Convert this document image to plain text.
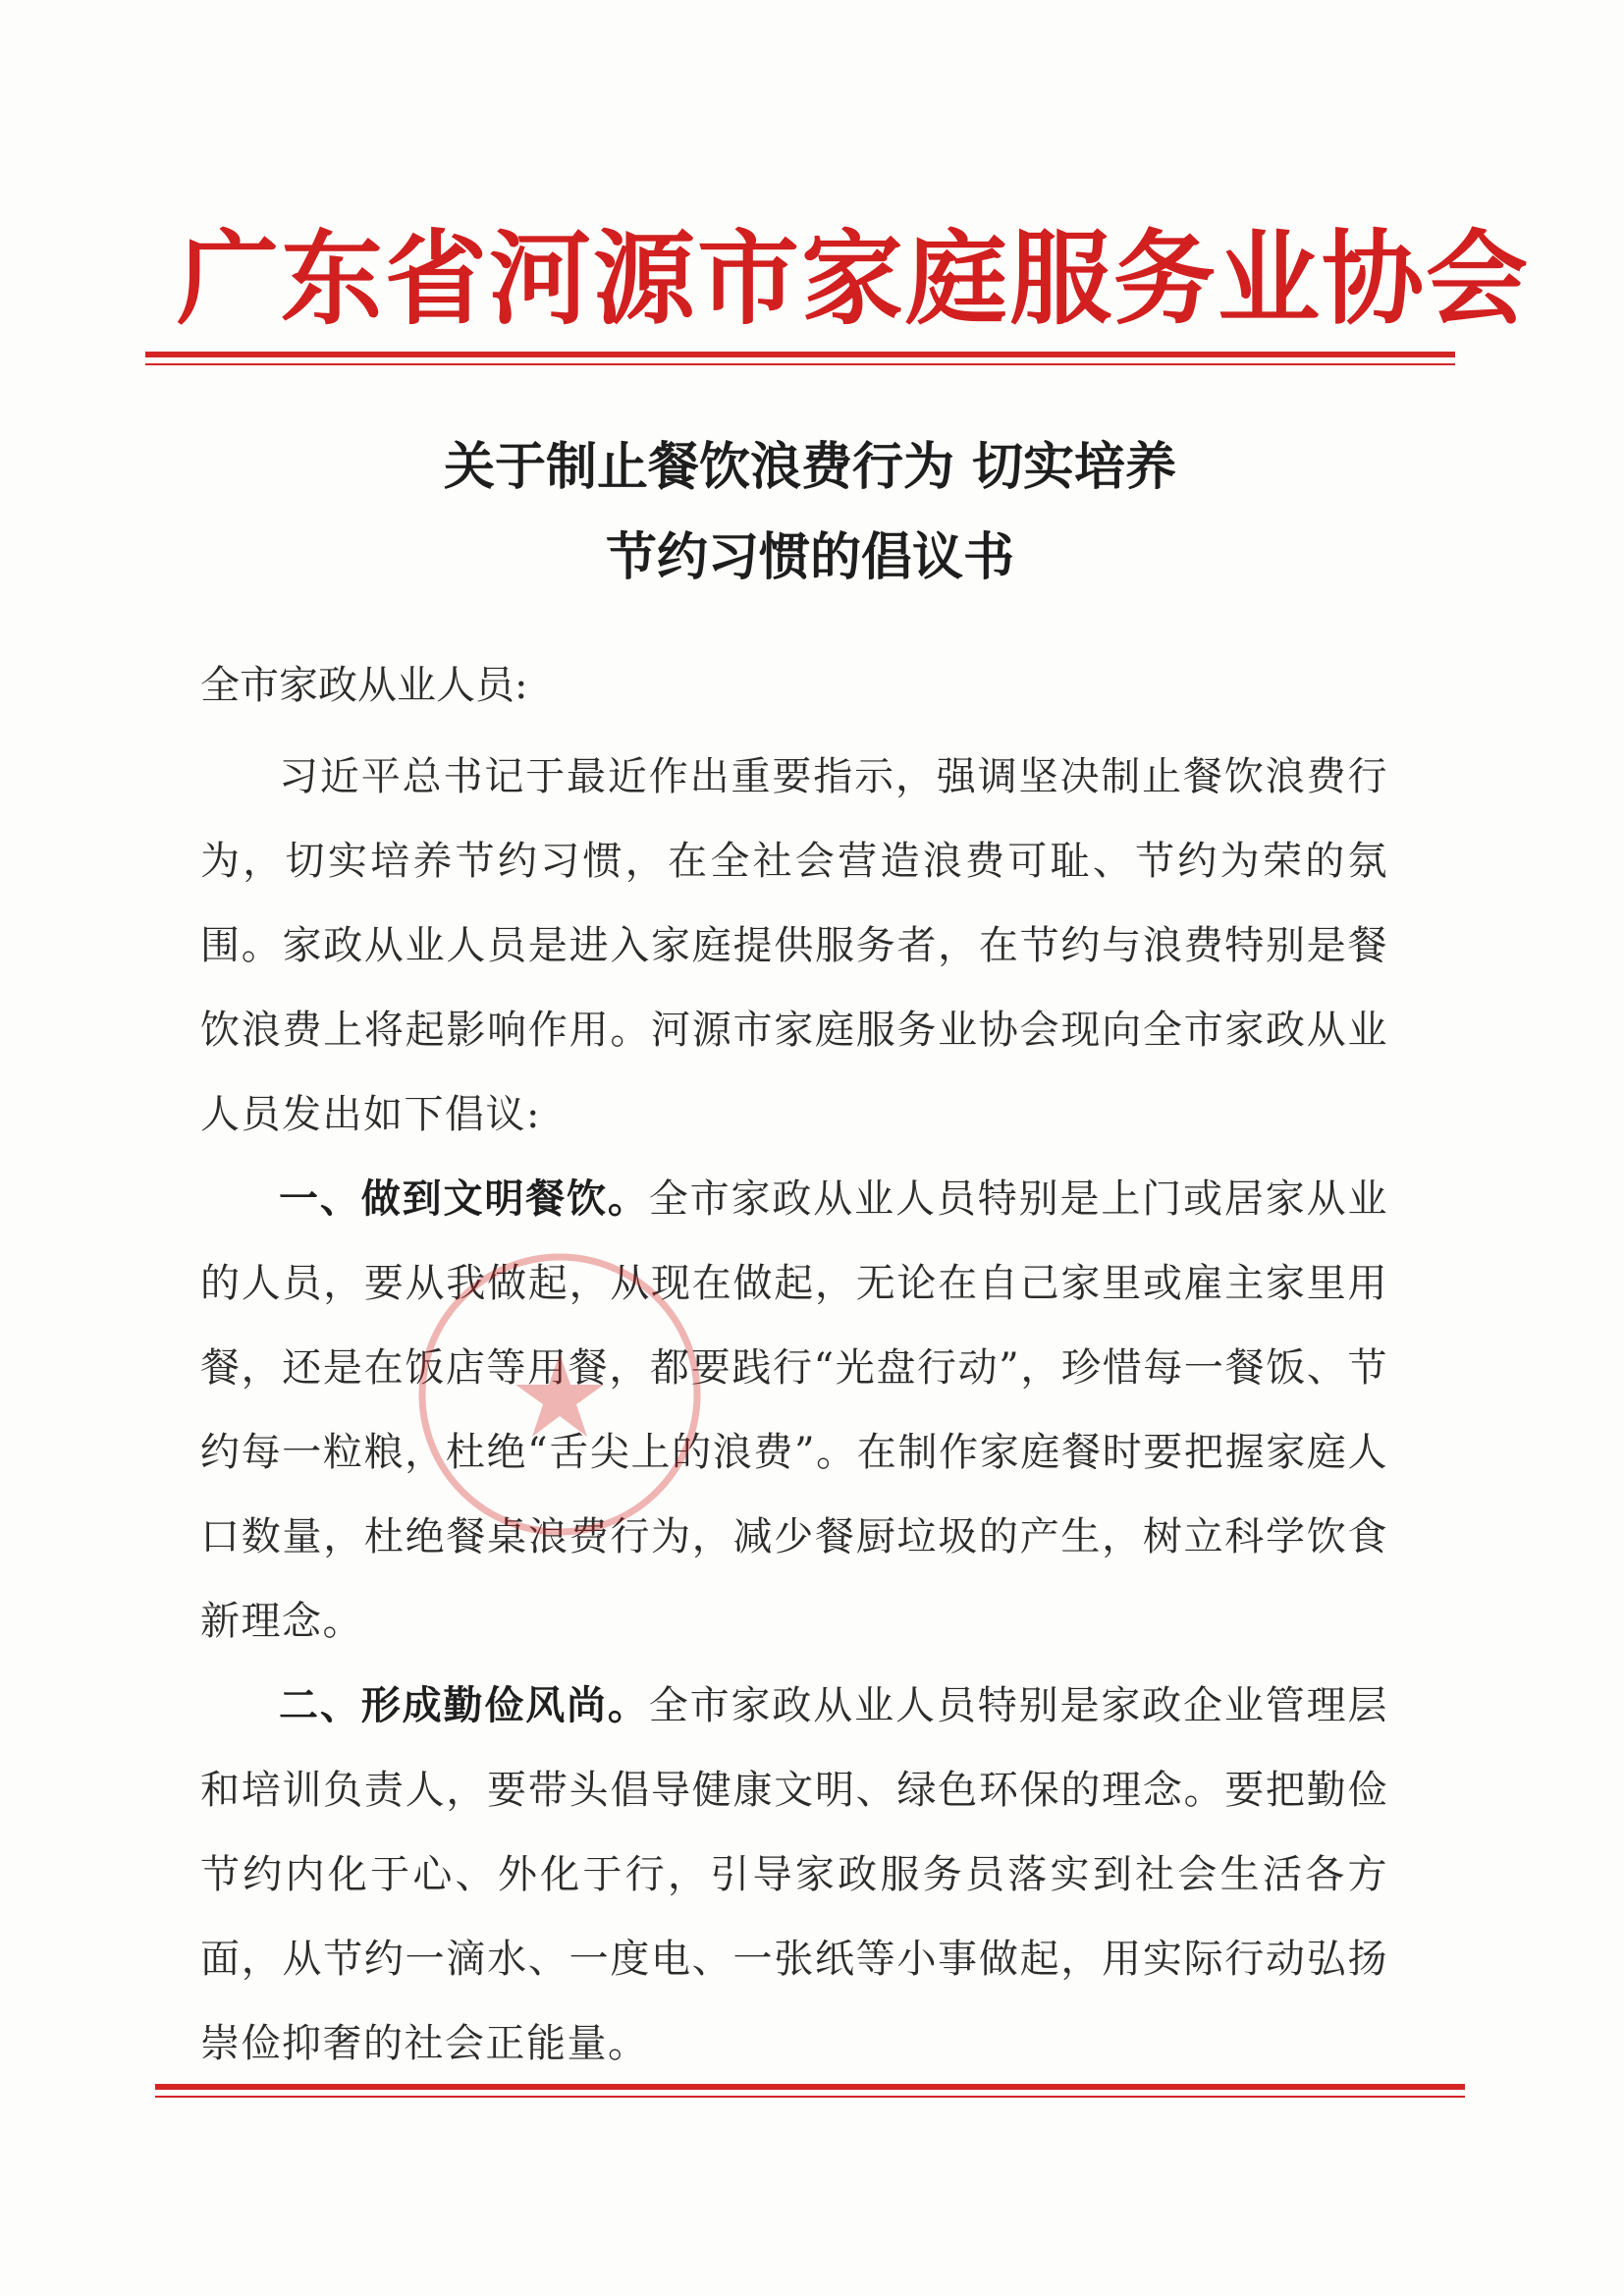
广东省河源市家庭服务业协会
关于制止餐饮浪费行为 切实培养
节约习惯的倡议书
全市家政从业人员:

习近平总书记于最近作出重要指示，强调坚决制止餐饮浪费行为，切实培养节约习惯，在全社会营造浪费可耻、节约为荣的氛围。家政从业人员是进入家庭提供服务者，在节约与浪费特别是餐饮浪费上将起影响作用。河源市家庭服务业协会现向全市家政从业人员发出如下倡议:

一、做到文明餐饮。全市家政从业人员特别是上门或居家从业的人员，要从我做起，从现在做起，无论在自己家里或雇主家里用餐，还是在饭店等用餐，都要践行“光盘行动”，珍惜每一餐饭、节约每一粒粮，杜绝“舌尖上的浪费”。在制作家庭餐时要把握家庭人口数量，杜绝餐桌浪费行为，减少餐厨垃圾的产生，树立科学饮食新理念。

二、形成勤俭风尚。全市家政从业人员特别是家政企业管理层和培训负责人，要带头倡导健康文明、绿色环保的理念。要把勤俭节约内化于心、外化于行，引导家政服务员落实到社会生活各方面，从节约一滴水、一度电、一张纸等小事做起，用实际行动弘扬崇俭抑奢的社会正能量。
